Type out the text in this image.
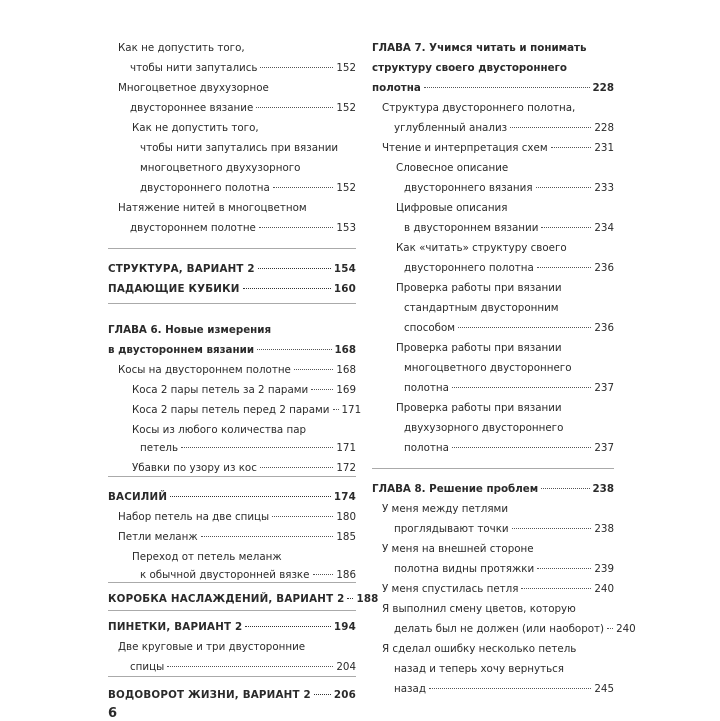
Как не допустить того,
чтобы нити запутались	152
Многоцветное двухузорное
двустороннее вязание	152
Как не допустить того,
чтобы нити запутались при вязании
многоцветного двухузорного
двустороннего полотна	152
Натяжение нитей в многоцветном
двустороннем полотне	153
СТРУКТУРА, ВАРИАНТ 2	154
ПАДАЮЩИЕ КУБИКИ	160
ГЛАВА 6. Новые измерения
в двустороннем вязании	168
Косы на двустороннем полотне	168
Коса 2 пары петель за 2 парами	169
Коса 2 пары петель перед 2 парами 171
Косы из любого количества пар
петель	171
Убавки по узору из кос	172
ВАСИЛИЙ	174
Набор петель на две спицы	180
Петли меланж	185
Переход от петель меланж
к обычной двусторонней вязке	186
КОРОБКА НАСЛАЖДЕНИЙ, ВАРИАНТ 2 188
ПИНЕТКИ, ВАРИАНТ 2	194
Две круговые и три двусторонние
спицы	204
ВОДОВОРОТ ЖИЗНИ, ВАРИАНТ 2 206
ГЛАВА 7. Учимся читать и понимать
структуру своего двустороннего
полотна	228
Структура двустороннего полотна,
углубленный анализ	228
Чтение и интерпретация схем	231
Словесное описание
двустороннего вязания	233
Цифровые описания
в двустороннем вязании	234
Как «читать» структуру своего
двустороннего полотна	236
Проверка работы при вязании
стандартным двусторонним
способом	236
Проверка работы при вязании
многоцветного двустороннего
полотна	237
Проверка работы при вязании
двухузорного двустороннего
полотна	237
ГЛАВА 8. Решение проблем	238
У меня между петлями
проглядывают точки	238
У меня на внешней стороне
полотна видны протяжки	239
У меня спустилась петля	240
Я выполнил смену цветов, которую
делать был не должен (или наоборот) 240
Я сделал ошибку несколько петель
назад и теперь хочу вернуться
назад	245
6
